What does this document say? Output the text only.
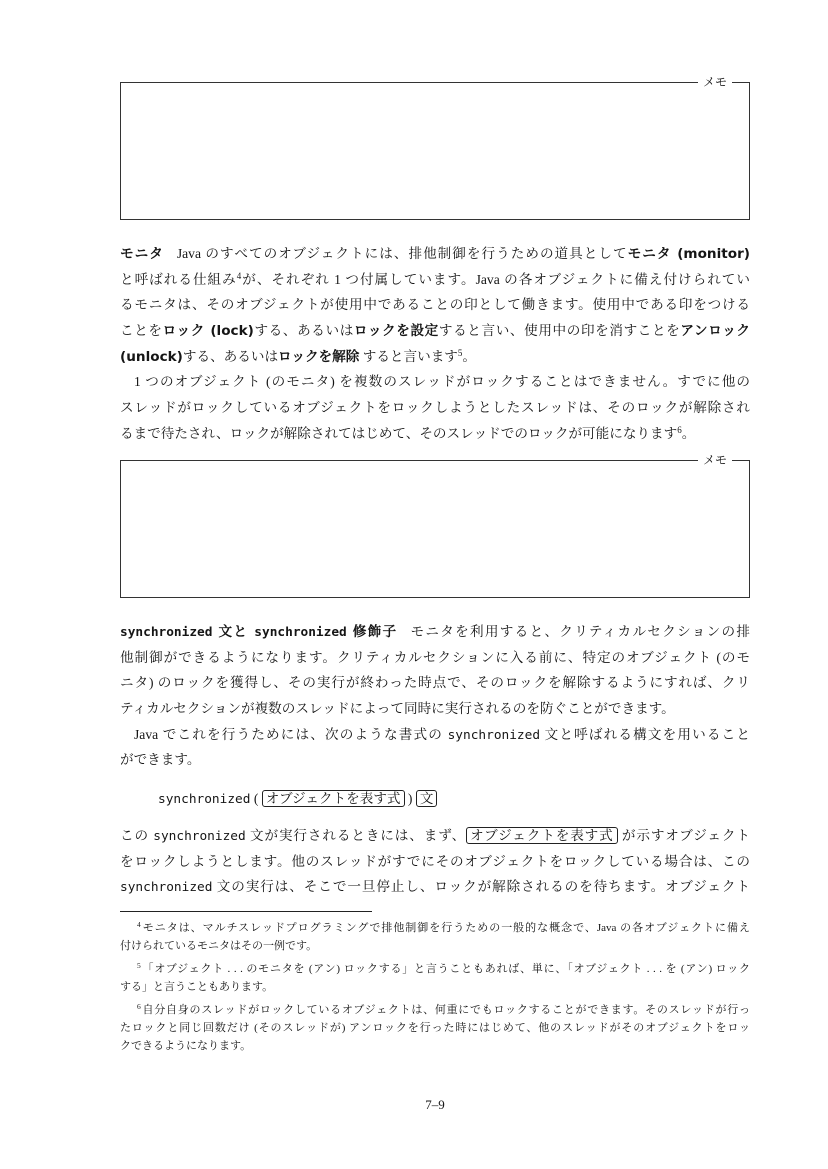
メモ
モニタ Java のすべてのオブジェクトには、排他制御を行うための道具としてモニタ (monitor)
と呼ばれる仕組み$^4$が、それぞれ 1 つ付属しています。Java の各オブジェクトに備え付けられてい
るモニタは、そのオブジェクトが使用中であることの印として働きます。使用中である印をつける
ことをロック (lock)する、あるいはロックを設定すると言い、使用中の印を消すことをアンロック
(unlock)する、あるいはロックを解除 すると言います$^5$。
1 つのオブジェクト (のモニタ) を複数のスレッドがロックすることはできません。すでに他の
スレッドがロックしているオブジェクトをロックしようとしたスレッドは、そのロックが解除され
るまで待たされ、ロックが解除されてはじめて、そのスレッドでのロックが可能になります$^6$。
メモ
synchronized 文と synchronized 修飾子 モニタを利用すると、クリティカルセクションの排
他制御ができるようになります。クリティカルセクションに入る前に、特定のオブジェクト (のモ
ニタ) のロックを獲得し、その実行が終わった時点で、そのロックを解除するようにすれば、クリ
ティカルセクションが複数のスレッドによって同時に実行されるのを防ぐことができます。
Java でこれを行うためには、次のような書式の synchronized 文と呼ばれる構文を用いること
ができます。
synchronized ( オブジェクトを表す式 ) 文
この synchronized 文が実行されるときには、まず、 オブジェクトを表す式 が示すオブジェクト
をロックしようとします。他のスレッドがすでにそのオブジェクトをロックしている場合は、この
synchronized 文の実行は、そこで一旦停止し、ロックが解除されるのを待ちます。オブジェクト
$^4$モニタは、マルチスレッドプログラミングで排他制御を行うための一般的な概念で、Java の各オブジェクトに備え
付けられているモニタはその一例です。
$^5$「オブジェクト . . . のモニタを (アン) ロックする」と言うこともあれば、単に、「オブジェクト . . . を (アン) ロック
する」と言うこともあります。
$^6$自分自身のスレッドがロックしているオブジェクトは、何重にでもロックすることができます。そのスレッドが行っ
たロックと同じ回数だけ (そのスレッドが) アンロックを行った時にはじめて、他のスレッドがそのオブジェクトをロッ
クできるようになります。
7–9
